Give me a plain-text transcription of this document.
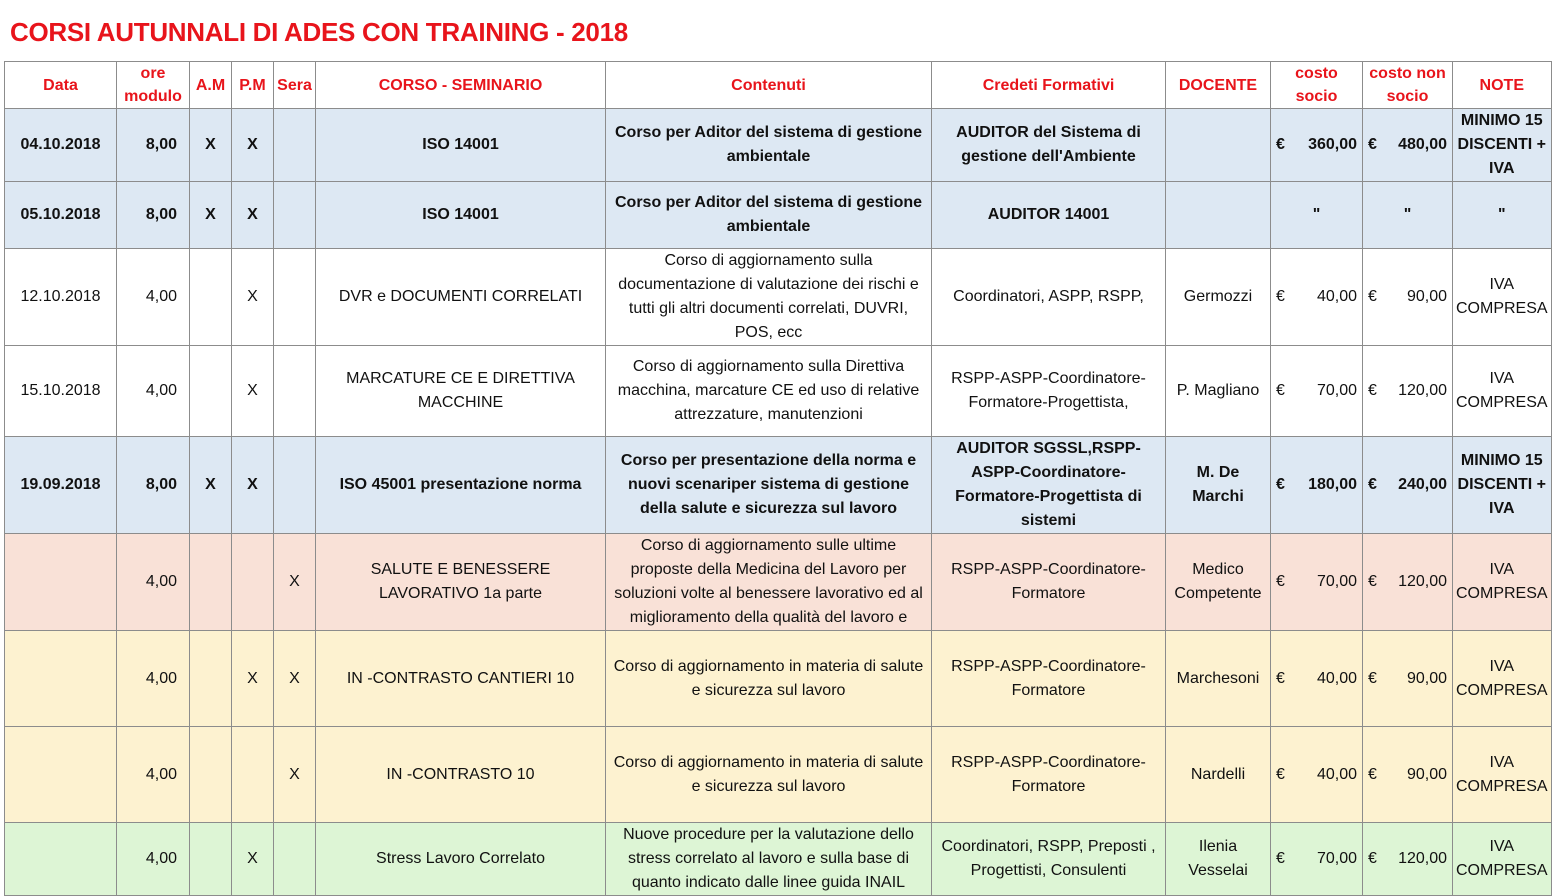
CORSI AUTUNNALI DI ADES CON TRAINING - 2018
Data	ore modulo	A.M	P.M	Sera	CORSO - SEMINARIO	Contenuti	Credeti Formativi	DOCENTE	costo socio	costo non socio	NOTE
04.10.2018	8,00	X	X		ISO 14001	Corso per Aditor del sistema di gestione ambientale	AUDITOR del Sistema di gestione dell'Ambiente		€ 360,00	€ 480,00	MINIMO 15 DISCENTI + IVA
05.10.2018	8,00	X	X		ISO 14001	Corso per Aditor del sistema di gestione ambientale	AUDITOR 14001		"	"	"
12.10.2018	4,00		X		DVR e DOCUMENTI CORRELATI	Corso di aggiornamento sulla documentazione di valutazione dei rischi e tutti gli altri documenti correlati, DUVRI, POS, ecc	Coordinatori, ASPP, RSPP,	Germozzi	€ 40,00	€ 90,00	IVA COMPRESA
15.10.2018	4,00		X		MARCATURE CE E DIRETTIVA MACCHINE	Corso di aggiornamento sulla Direttiva macchina, marcature CE ed uso di relative attrezzature, manutenzioni	RSPP-ASPP-Coordinatore-Formatore-Progettista,	P. Magliano	€ 70,00	€ 120,00	IVA COMPRESA
19.09.2018	8,00	X	X		ISO 45001 presentazione norma	Corso per presentazione della norma e nuovi scenariper sistema di gestione della salute e sicurezza sul lavoro	AUDITOR SGSSL,RSPP-ASPP-Coordinatore-Formatore-Progettista di sistemi	M. De Marchi	€ 180,00	€ 240,00	MINIMO 15 DISCENTI + IVA
	4,00			X	SALUTE E BENESSERE LAVORATIVO 1a parte	Corso di aggiornamento sulle ultime proposte della Medicina del Lavoro per soluzioni volte al benessere lavorativo ed al miglioramento della qualità del lavoro e	RSPP-ASPP-Coordinatore-Formatore	Medico Competente	€ 70,00	€ 120,00	IVA COMPRESA
	4,00		X	X	IN -CONTRASTO CANTIERI 10	Corso di aggiornamento in materia di salute e sicurezza sul lavoro	RSPP-ASPP-Coordinatore-Formatore	Marchesoni	€ 40,00	€ 90,00	IVA COMPRESA
	4,00			X	IN -CONTRASTO 10	Corso di aggiornamento in materia di salute e sicurezza sul lavoro	RSPP-ASPP-Coordinatore-Formatore	Nardelli	€ 40,00	€ 90,00	IVA COMPRESA
	4,00		X		Stress Lavoro Correlato	Nuove procedure per la valutazione dello stress correlato al lavoro e sulla base di quanto indicato dalle linee guida INAIL	Coordinatori, RSPP, Preposti , Progettisti, Consulenti	Ilenia Vesselai	€ 70,00	€ 120,00	IVA COMPRESA
